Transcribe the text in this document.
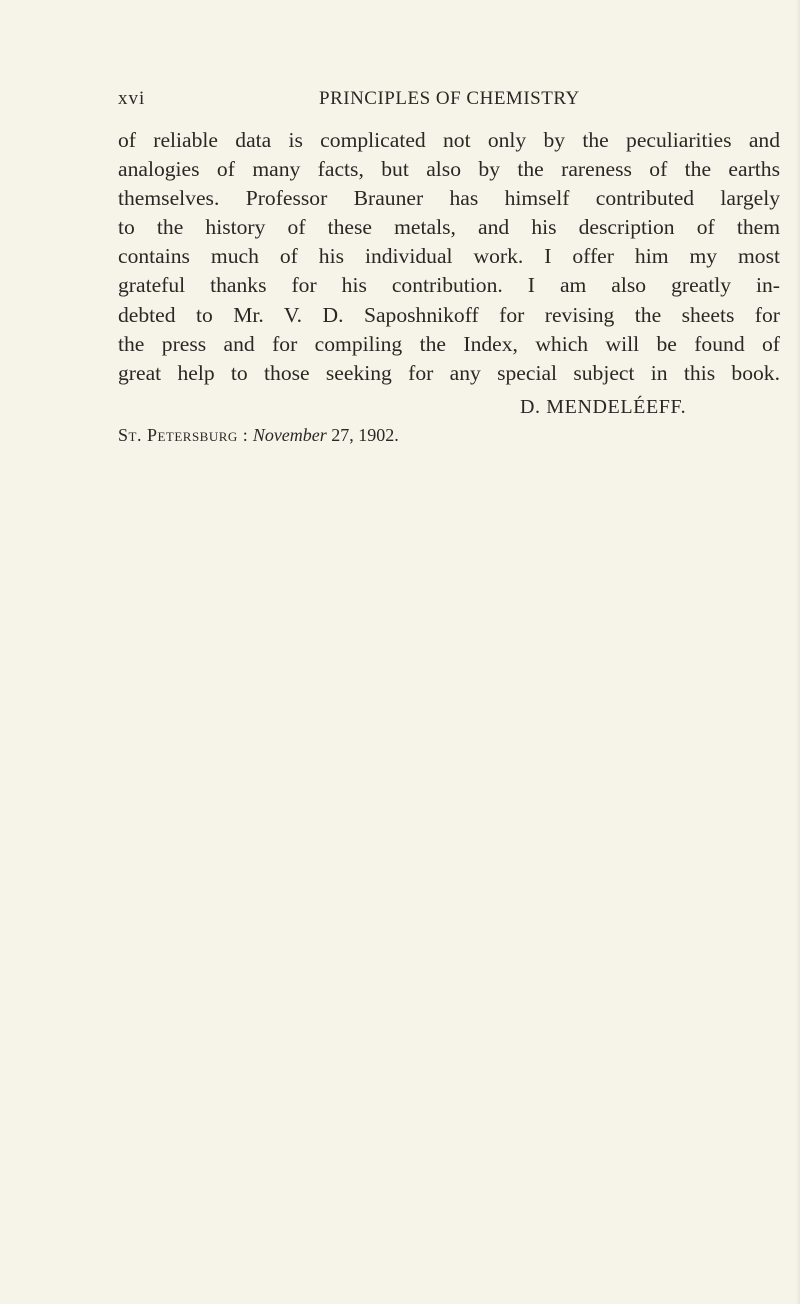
xvi	PRINCIPLES OF CHEMISTRY
of reliable data is complicated not only by the peculiarities and
analogies of many facts, but also by the rareness of the earths
themselves. Professor Brauner has himself contributed largely
to the history of these metals, and his description of them
contains much of his individual work. I offer him my most
grateful thanks for his contribution. I am also greatly in-
debted to Mr. V. D. Saposhnikoff for revising the sheets for
the press and for compiling the Index, which will be found of
great help to those seeking for any special subject in this book.
D. MENDELÉEFF.
St. Petersburg : November 27, 1902.
